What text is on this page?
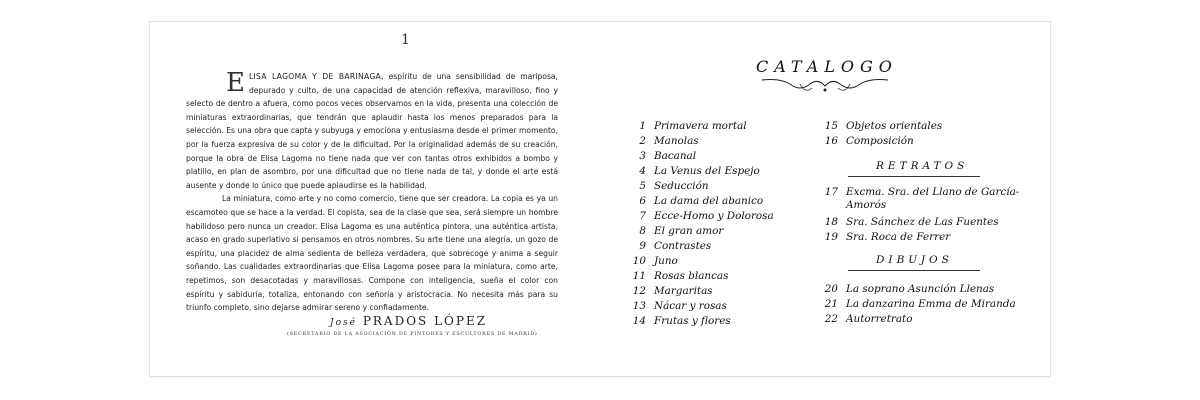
1

ELISA LAGOMA Y DE BARINAGA, espíritu de una sensibilidad de mariposa, depurado y culto, de una capacidad de atención reflexiva, maravilloso, fino y selecto de dentro a afuera, como pocos veces observamos en la vida, presenta una colección de miniaturas extraordinarias, que tendrán que aplaudir hasta los menos preparados para la selección. Es una obra que capta y subyuga y emociona y entusiasma desde el primer momento, por la fuerza expresiva de su color y de la dificultad. Por la originalidad además de su creación, porque la obra de Elisa Lagoma no tiene nada que ver con tantas otros exhibidos a bombo y platillo, en plan de asombro, por una dificultad que no tiene nada de tal, y donde el arte está ausente y donde lo único que puede aplaudirse es la habilidad.

La miniatura, como arte y no como comercio, tiene que ser creadora. La copia es ya un escamoteo que se hace a la verdad. El copista, sea de la clase que sea, será siempre un hombre habilidoso pero nunca un creador. Elisa Lagoma es una auténtica pintora, una auténtica artista, acaso en grado superlativo si pensamos en otros nombres. Su arte tiene una alegría, un gozo de espíritu, una placidez de alma sedienta de belleza verdadera, que sobrecoge y anima a seguir soñando. Las cualidades extraordinarias que Elisa Lagoma posee para la miniatura, como arte, repetimos, son desacotadas y maravillosas. Compone con inteligencia, sueña el color con espíritu y sabiduría, totaliza, entonando con señoría y aristocracia. No necesita más para su triunfo completo, sino dejarse admirar sereno y confiadamente.

José PRADOS LÓPEZ
(SECRETARIO DE LA ASOCIACIÓN DE PINTORES Y ESCULTORES DE MADRID)
CATALOGO
RETRATOS
DIBUJOS
1 Primavera mortal
2 Manolas
3 Bacanal
4 La Venus del Espejo
5 Seducción
6 La dama del abanico
7 Ecce-Homo y Dolorosa
8 El gran amor
9 Contrastes
10 Juno
11 Rosas blancas
12 Margaritas
13 Nácar y rosas
14 Frutas y flores
15 Objetos orientales
16 Composición
17 Excma. Sra. del Llano de García-
Amorós
18 Sra. Sánchez de Las Fuentes
19 Sra. Roca de Ferrer
20 La soprano Asunción Llenas
21 La danzarina Emma de Miranda
22 Autorretrato
